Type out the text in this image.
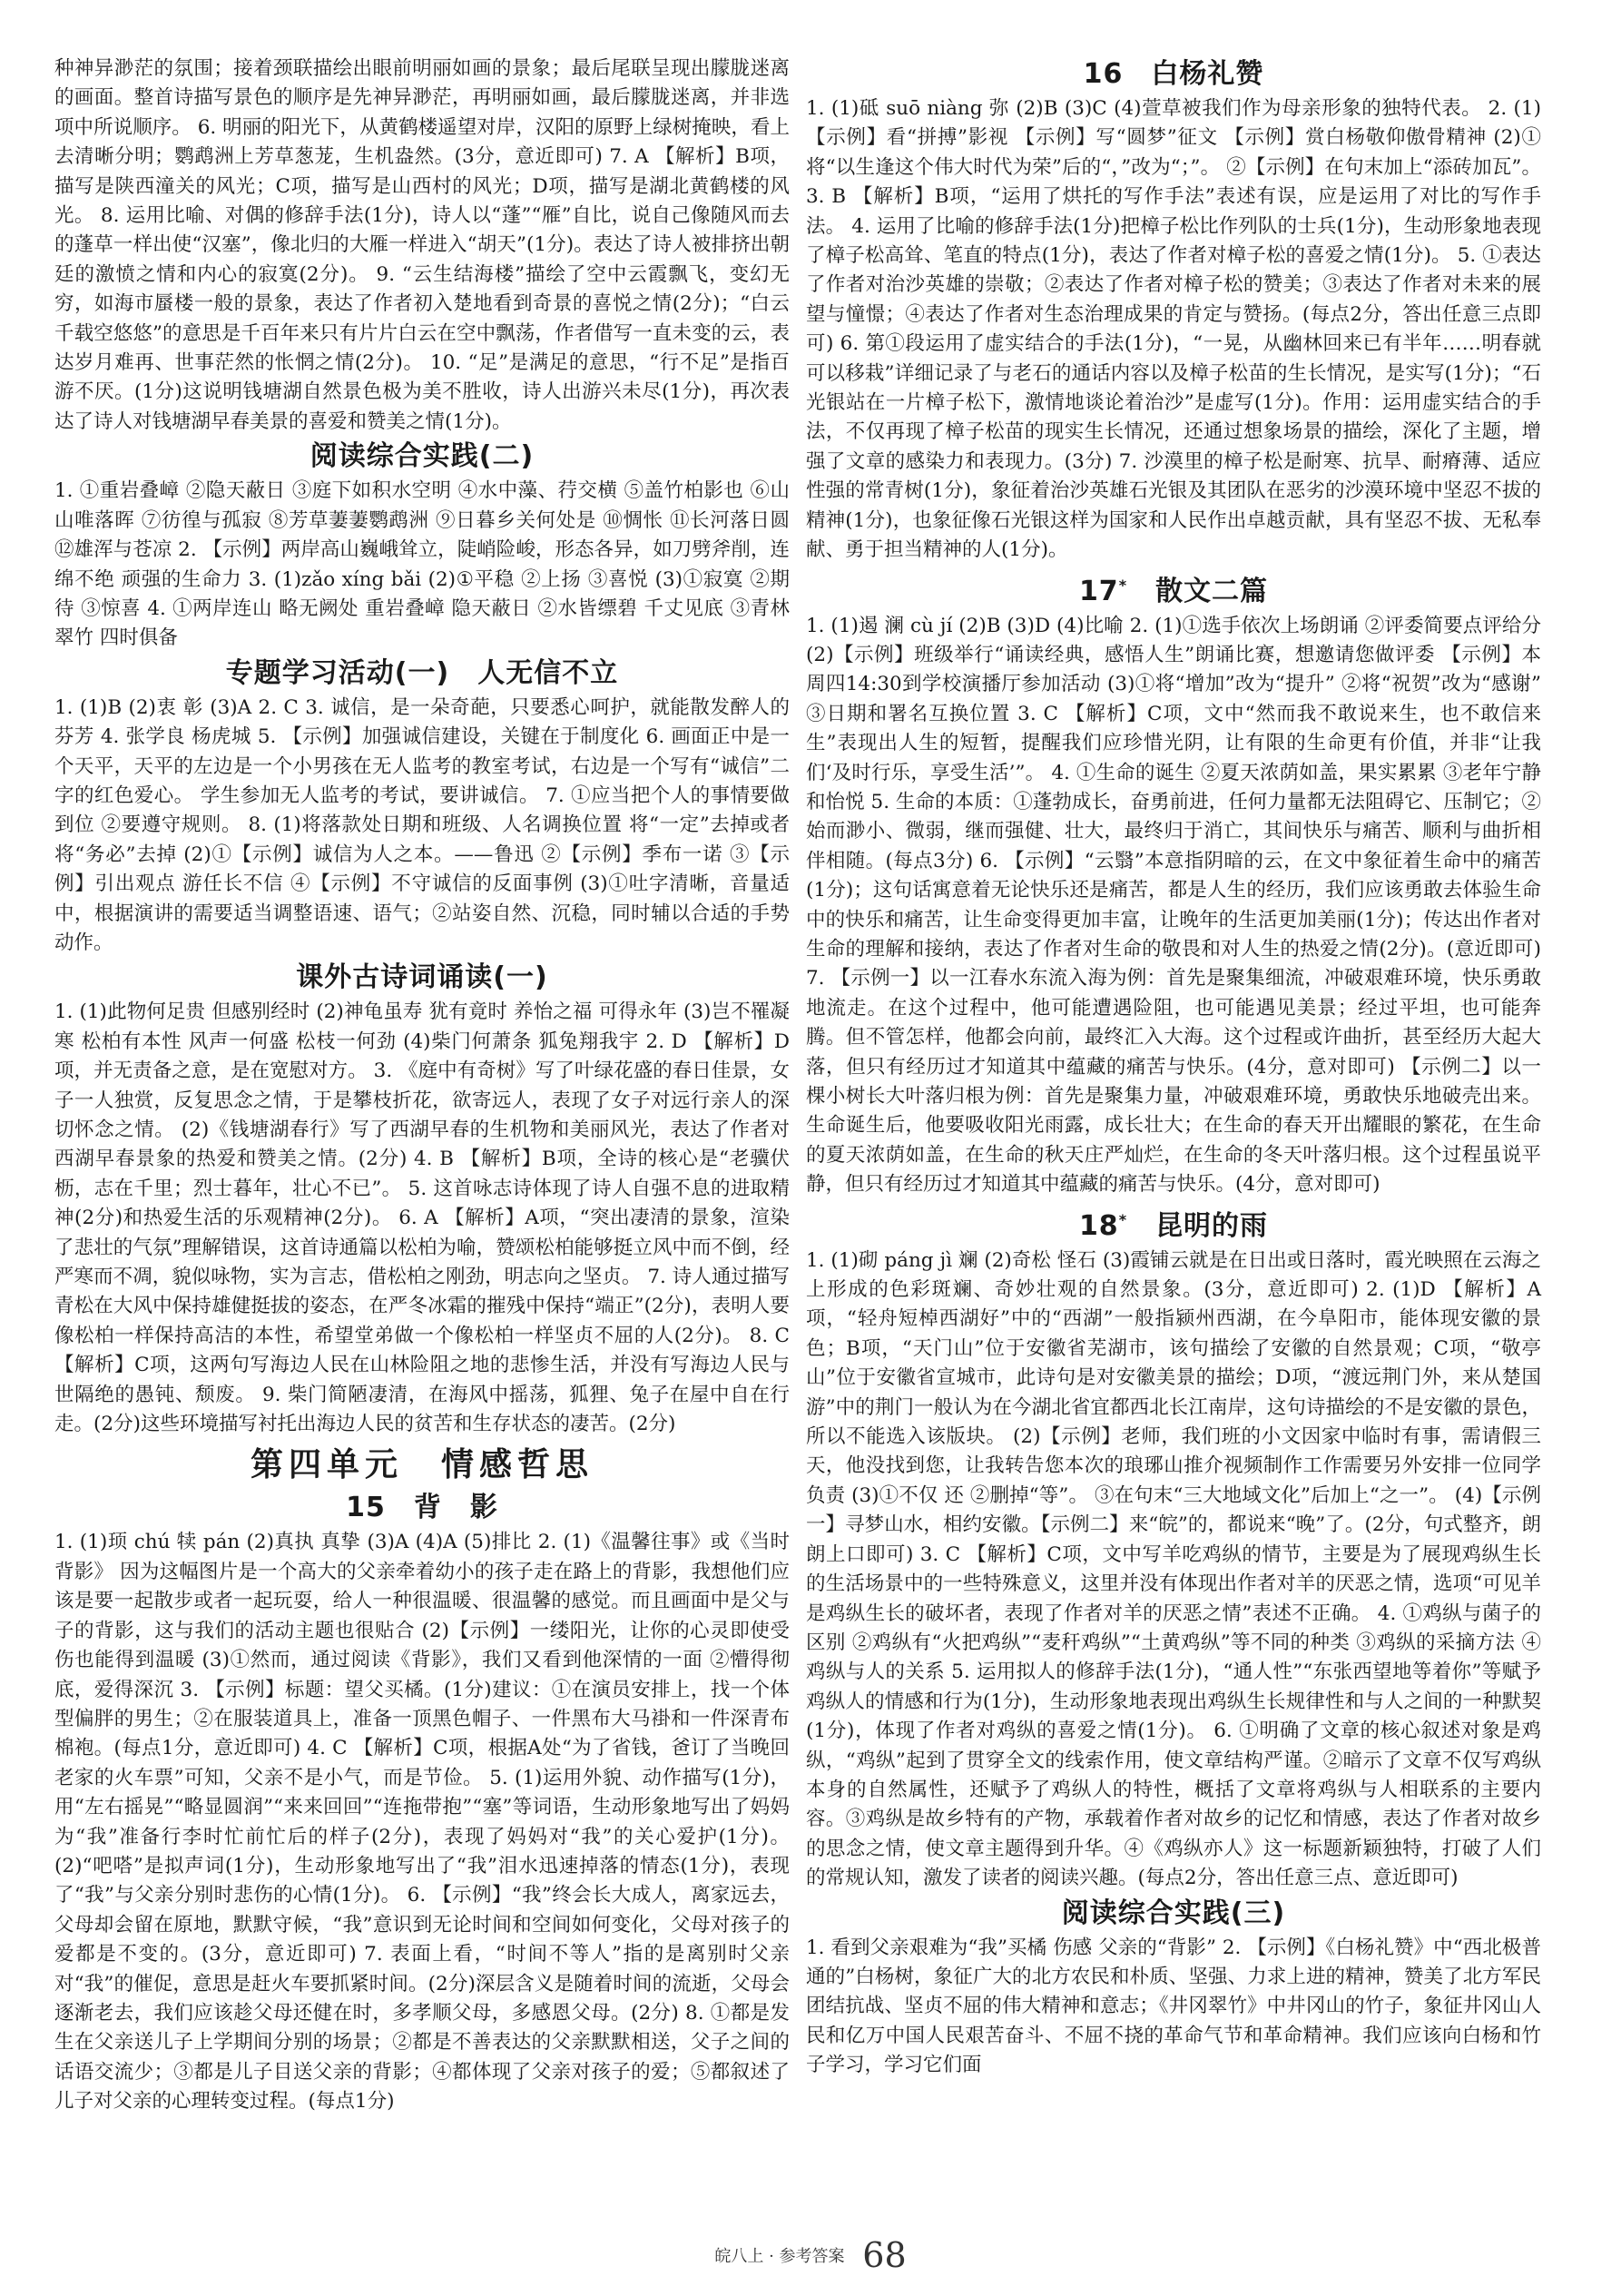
种神异渺茫的氛围；接着颈联描绘出眼前明丽如画的景象；最后尾联呈现出朦胧迷离的画面。整首诗描写景色的顺序是先神异渺茫，再明丽如画，最后朦胧迷离，并非选项中所说顺序。 6. 明丽的阳光下，从黄鹤楼遥望对岸，汉阳的原野上绿树掩映，看上去清晰分明；鹦鹉洲上芳草葱茏，生机盎然。(3分，意近即可) 7. A 【解析】B项，描写是陕西潼关的风光；C项，描写是山西村的风光；D项，描写是湖北黄鹤楼的风光。 8. 运用比喻、对偶的修辞手法(1分)，诗人以“蓬”“雁”自比，说自己像随风而去的蓬草一样出使“汉塞”，像北归的大雁一样进入“胡天”(1分)。表达了诗人被排挤出朝廷的激愤之情和内心的寂寞(2分)。 9. “云生结海楼”描绘了空中云霞飘飞，变幻无穷，如海市蜃楼一般的景象，表达了作者初入楚地看到奇景的喜悦之情(2分)；“白云千载空悠悠”的意思是千百年来只有片片白云在空中飘荡，作者借写一直未变的云，表达岁月难再、世事茫然的怅惘之情(2分)。 10. “足”是满足的意思，“行不足”是指百游不厌。(1分)这说明钱塘湖自然景色极为美不胜收，诗人出游兴未尽(1分)，再次表达了诗人对钱塘湖早春美景的喜爱和赞美之情(1分)。

阅读综合实践(二)

1. ①重岩叠嶂 ②隐天蔽日 ③庭下如积水空明 ④水中藻、荇交横 ⑤盖竹柏影也 ⑥山山唯落晖 ⑦彷徨与孤寂 ⑧芳草萋萋鹦鹉洲 ⑨日暮乡关何处是 ⑩惆怅 ⑪长河落日圆 ⑫雄浑与苍凉 2. 【示例】两岸高山巍峨耸立，陡峭险峻，形态各异，如刀劈斧削，连绵不绝 顽强的生命力 3. (1)zǎo xíng bǎi (2)①平稳 ②上扬 ③喜悦 (3)①寂寞 ②期待 ③惊喜 4. ①两岸连山 略无阙处 重岩叠嶂 隐天蔽日 ②水皆缥碧 千丈见底 ③青林翠竹 四时俱备

专题学习活动(一)　人无信不立

1. (1)B (2)衷 彰 (3)A 2. C 3. 诚信，是一朵奇葩，只要悉心呵护，就能散发醉人的芬芳 4. 张学良 杨虎城 5. 【示例】加强诚信建设，关键在于制度化 6. 画面正中是一个天平，天平的左边是一个小男孩在无人监考的教室考试，右边是一个写有“诚信”二字的红色爱心。 学生参加无人监考的考试，要讲诚信。 7. ①应当把个人的事情要做到位 ②要遵守规则。 8. (1)将落款处日期和班级、人名调换位置 将“一定”去掉或者将“务必”去掉 (2)①【示例】诚信为人之本。——鲁迅 ②【示例】季布一诺 ③【示例】引出观点 游任长不信 ④【示例】不守诚信的反面事例 (3)①吐字清晰，音量适中，根据演讲的需要适当调整语速、语气；②站姿自然、沉稳，同时辅以合适的手势动作。

课外古诗词诵读(一)

1. (1)此物何足贵 但感别经时 (2)神龟虽寿 犹有竟时 养怡之福 可得永年 (3)岂不罹凝寒 松柏有本性 风声一何盛 松枝一何劲 (4)柴门何萧条 狐兔翔我宇 2. D 【解析】D项，并无责备之意，是在宽慰对方。 3. 《庭中有奇树》写了叶绿花盛的春日佳景，女子一人独赏，反复思念之情，于是攀枝折花，欲寄远人，表现了女子对远行亲人的深切怀念之情。 (2)《钱塘湖春行》写了西湖早春的生机物和美丽风光，表达了作者对西湖早春景象的热爱和赞美之情。(2分) 4. B 【解析】B项，全诗的核心是“老骥伏枥，志在千里；烈士暮年，壮心不已”。 5. 这首咏志诗体现了诗人自强不息的进取精神(2分)和热爱生活的乐观精神(2分)。 6. A 【解析】A项，“突出凄清的景象，渲染了悲壮的气氛”理解错误，这首诗通篇以松柏为喻，赞颂松柏能够挺立风中而不倒，经严寒而不凋，貌似咏物，实为言志，借松柏之刚劲，明志向之坚贞。 7. 诗人通过描写青松在大风中保持雄健挺拔的姿态，在严冬冰霜的摧残中保持“端正”(2分)，表明人要像松柏一样保持高洁的本性，希望堂弟做一个像松柏一样坚贞不屈的人(2分)。 8. C 【解析】C项，这两句写海边人民在山林险阻之地的悲惨生活，并没有写海边人民与世隔绝的愚钝、颓废。 9. 柴门简陋凄清，在海风中摇荡，狐狸、兔子在屋中自在行走。(2分)这些环境描写衬托出海边人民的贫苦和生存状态的凄苦。(2分)

第四单元　情感哲思
15　背　影

1. (1)顼 chú 犊 pán (2)真执 真挚 (3)A (4)A (5)排比 2. (1)《温馨往事》或《当时背影》 因为这幅图片是一个高大的父亲牵着幼小的孩子走在路上的背影，我想他们应该是要一起散步或者一起玩耍，给人一种很温暖、很温馨的感觉。而且画面中是父与子的背影，这与我们的活动主题也很贴合 (2)【示例】一缕阳光，让你的心灵即使受伤也能得到温暖 (3)①然而，通过阅读《背影》，我们又看到他深情的一面 ②懵得彻底，爱得深沉 3. 【示例】标题：望父买橘。(1分)建议：①在演员安排上，找一个体型偏胖的男生；②在服装道具上，准备一顶黑色帽子、一件黑布大马褂和一件深青布棉袍。(每点1分，意近即可) 4. C 【解析】C项，根据A处“为了省钱，爸订了当晚回老家的火车票”可知，父亲不是小气，而是节俭。 5. (1)运用外貌、动作描写(1分)，用“左右摇晃”“略显圆润”“来来回回”“连拖带抱”“塞”等词语，生动形象地写出了妈妈为“我”准备行李时忙前忙后的样子(2分)，表现了妈妈对“我”的关心爱护(1分)。 (2)“吧嗒”是拟声词(1分)，生动形象地写出了“我”泪水迅速掉落的情态(1分)，表现了“我”与父亲分别时悲伤的心情(1分)。 6. 【示例】“我”终会长大成人，离家远去，父母却会留在原地，默默守候，“我”意识到无论时间和空间如何变化，父母对孩子的爱都是不变的。(3分，意近即可) 7. 表面上看，“时间不等人”指的是离别时父亲对“我”的催促，意思是赶火车要抓紧时间。(2分)深层含义是随着时间的流逝，父母会逐渐老去，我们应该趁父母还健在时，多孝顺父母，多感恩父母。(2分) 8. ①都是发生在父亲送儿子上学期间分别的场景；②都是不善表达的父亲默默相送，父子之间的话语交流少；③都是儿子目送父亲的背影；④都体现了父亲对孩子的爱；⑤都叙述了儿子对父亲的心理转变过程。(每点1分)

16　白杨礼赞

1. (1)砥 suō niàng 弥 (2)B (3)C (4)萱草被我们作为母亲形象的独特代表。 2. (1)【示例】看“拼搏”影视 【示例】写“圆梦”征文 【示例】赏白杨敬仰傲骨精神 (2)①将“以生逢这个伟大时代为荣”后的“，”改为“；”。 ②【示例】在句末加上“添砖加瓦”。 3. B 【解析】B项，“运用了烘托的写作手法”表述有误，应是运用了对比的写作手法。 4. 运用了比喻的修辞手法(1分)把樟子松比作列队的士兵(1分)，生动形象地表现了樟子松高耸、笔直的特点(1分)，表达了作者对樟子松的喜爱之情(1分)。 5. ①表达了作者对治沙英雄的崇敬；②表达了作者对樟子松的赞美；③表达了作者对未来的展望与憧憬；④表达了作者对生态治理成果的肯定与赞扬。(每点2分，答出任意三点即可) 6. 第①段运用了虚实结合的手法(1分)，“一晃，从幽林回来已有半年……明春就可以移栽”详细记录了与老石的通话内容以及樟子松苗的生长情况，是实写(1分)；“石光银站在一片樟子松下，激情地谈论着治沙”是虚写(1分)。作用：运用虚实结合的手法，不仅再现了樟子松苗的现实生长情况，还通过想象场景的描绘，深化了主题，增强了文章的感染力和表现力。(3分) 7. 沙漠里的樟子松是耐寒、抗旱、耐瘠薄、适应性强的常青树(1分)，象征着治沙英雄石光银及其团队在恶劣的沙漠环境中坚忍不拔的精神(1分)，也象征像石光银这样为国家和人民作出卓越贡献，具有坚忍不拔、无私奉献、勇于担当精神的人(1分)。

17*　 散文二篇

1. (1)遏 澜 cù jí (2)B (3)D (4)比喻 2. (1)①选手依次上场朗诵 ②评委简要点评给分 (2)【示例】班级举行“诵读经典，感悟人生”朗诵比赛，想邀请您做评委 【示例】本周四14:30到学校演播厅参加活动 (3)①将“增加”改为“提升” ②将“祝贺”改为“感谢” ③日期和署名互换位置 3. C 【解析】C项，文中“然而我不敢说来生，也不敢信来生”表现出人生的短暂，提醒我们应珍惜光阴，让有限的生命更有价值，并非“让我们‘及时行乐，享受生活’”。 4. ①生命的诞生 ②夏天浓荫如盖，果实累累 ③老年宁静和怡悦 5. 生命的本质：①蓬勃成长，奋勇前进，任何力量都无法阻碍它、压制它；②始而渺小、微弱，继而强健、壮大，最终归于消亡，其间快乐与痛苦、顺利与曲折相伴相随。(每点3分) 6. 【示例】“云翳”本意指阴暗的云，在文中象征着生命中的痛苦(1分)；这句话寓意着无论快乐还是痛苦，都是人生的经历，我们应该勇敢去体验生命中的快乐和痛苦，让生命变得更加丰富，让晚年的生活更加美丽(1分)；传达出作者对生命的理解和接纳，表达了作者对生命的敬畏和对人生的热爱之情(2分)。(意近即可) 7. 【示例一】以一江春水东流入海为例：首先是聚集细流，冲破艰难环境，快乐勇敢地流走。在这个过程中，他可能遭遇险阻，也可能遇见美景；经过平坦，也可能奔腾。但不管怎样，他都会向前，最终汇入大海。这个过程或许曲折，甚至经历大起大落，但只有经历过才知道其中蕴藏的痛苦与快乐。(4分，意对即可) 【示例二】以一棵小树长大叶落归根为例：首先是聚集力量，冲破艰难环境，勇敢快乐地破壳出来。生命诞生后，他要吸收阳光雨露，成长壮大；在生命的春天开出耀眼的繁花，在生命的夏天浓荫如盖，在生命的秋天庄严灿烂，在生命的冬天叶落归根。这个过程虽说平静，但只有经历过才知道其中蕴藏的痛苦与快乐。(4分，意对即可)

18*　 昆明的雨

1. (1)砌 páng jì 斓 (2)奇松 怪石 (3)霞铺云就是在日出或日落时，霞光映照在云海之上形成的色彩斑斓、奇妙壮观的自然景象。(3分，意近即可) 2. (1)D 【解析】A项，“轻舟短棹西湖好”中的“西湖”一般指颍州西湖，在今阜阳市，能体现安徽的景色；B项，“天门山”位于安徽省芜湖市，该句描绘了安徽的自然景观；C项，“敬亭山”位于安徽省宣城市，此诗句是对安徽美景的描绘；D项，“渡远荆门外，来从楚国游”中的荆门一般认为在今湖北省宜都西北长江南岸，这句诗描绘的不是安徽的景色，所以不能选入该版块。 (2)【示例】老师，我们班的小文因家中临时有事，需请假三天，他没找到您，让我转告您本次的琅琊山推介视频制作工作需要另外安排一位同学负责 (3)①不仅 还 ②删掉“等”。 ③在句末“三大地域文化”后加上“之一”。 (4)【示例一】寻梦山水，相约安徽。【示例二】来“皖”的，都说来“晚”了。(2分，句式整齐，朗朗上口即可) 3. C 【解析】C项，文中写羊吃鸡纵的情节，主要是为了展现鸡纵生长的生活场景中的一些特殊意义，这里并没有体现出作者对羊的厌恶之情，选项“可见羊是鸡纵生长的破坏者，表现了作者对羊的厌恶之情”表述不正确。 4. ①鸡纵与菌子的区别 ②鸡纵有“火把鸡纵”“麦秆鸡纵”“土黄鸡纵”等不同的种类 ③鸡纵的采摘方法 ④鸡纵与人的关系 5. 运用拟人的修辞手法(1分)，“通人性”“东张西望地等着你”等赋予鸡纵人的情感和行为(1分)，生动形象地表现出鸡纵生长规律性和与人之间的一种默契(1分)，体现了作者对鸡纵的喜爱之情(1分)。 6. ①明确了文章的核心叙述对象是鸡纵，“鸡纵”起到了贯穿全文的线索作用，使文章结构严谨。②暗示了文章不仅写鸡纵本身的自然属性，还赋予了鸡纵人的特性，概括了文章将鸡纵与人相联系的主要内容。③鸡纵是故乡特有的产物，承载着作者对故乡的记忆和情感，表达了作者对故乡的思念之情，使文章主题得到升华。④《鸡纵亦人》这一标题新颖独特，打破了人们的常规认知，激发了读者的阅读兴趣。(每点2分，答出任意三点、意近即可)

阅读综合实践(三)

1. 看到父亲艰难为“我”买橘 伤感 父亲的“背影” 2. 【示例】《白杨礼赞》中“西北极普通的”白杨树，象征广大的北方农民和朴质、坚强、力求上进的精神，赞美了北方军民团结抗战、坚贞不屈的伟大精神和意志；《井冈翠竹》中井冈山的竹子，象征井冈山人民和亿万中国人民艰苦奋斗、不屈不挠的革命气节和革命精神。我们应该向白杨和竹子学习，学习它们面

皖八上 · 参考答案 68
